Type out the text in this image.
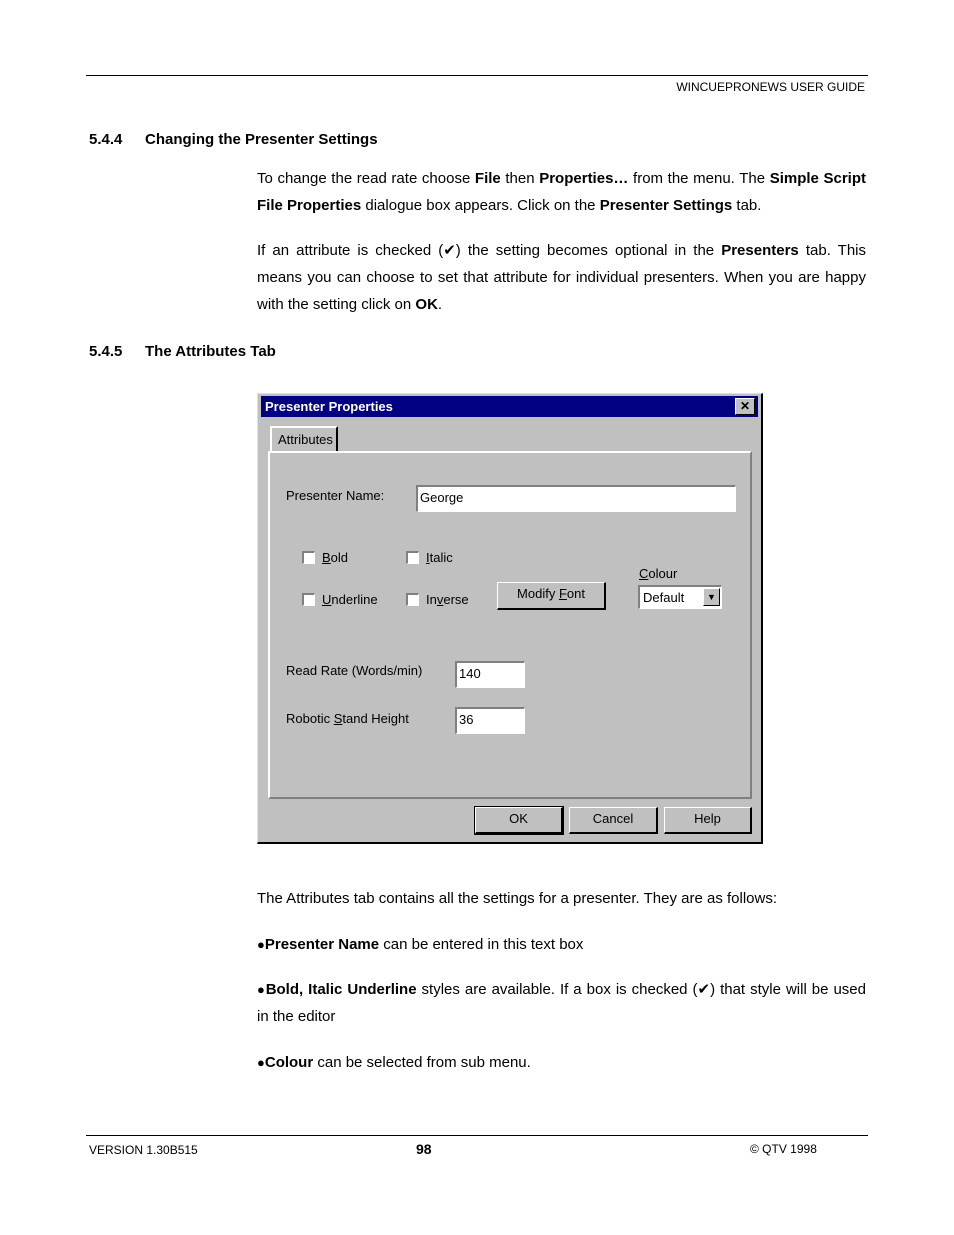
WINCUEPRONEWS USER GUIDE
5.4.4 Changing the Presenter Settings
To change the read rate choose File then Properties… from the menu. The Simple Script File Properties dialogue box appears. Click on the Presenter Settings tab.
If an attribute is checked (✔) the setting becomes optional in the Presenters tab. This means you can choose to set that attribute for individual presenters. When you are happy with the setting click on OK.
5.4.5 The Attributes Tab
Presenter Properties	✕
Attributes
Presenter Name:	George
Bold	Italic
Underline	Inverse	Modify Font
Colour
Default	▼
Read Rate (Words/min)	140
Robotic Stand Height	36
OK	Cancel	Help
The Attributes tab contains all the settings for a presenter. They are as follows:
●Presenter Name can be entered in this text box
●Bold, Italic Underline styles are available. If a box is checked (✔) that style will be used in the editor
●Colour can be selected from sub menu.
VERSION 1.30B515	98	© QTV 1998
